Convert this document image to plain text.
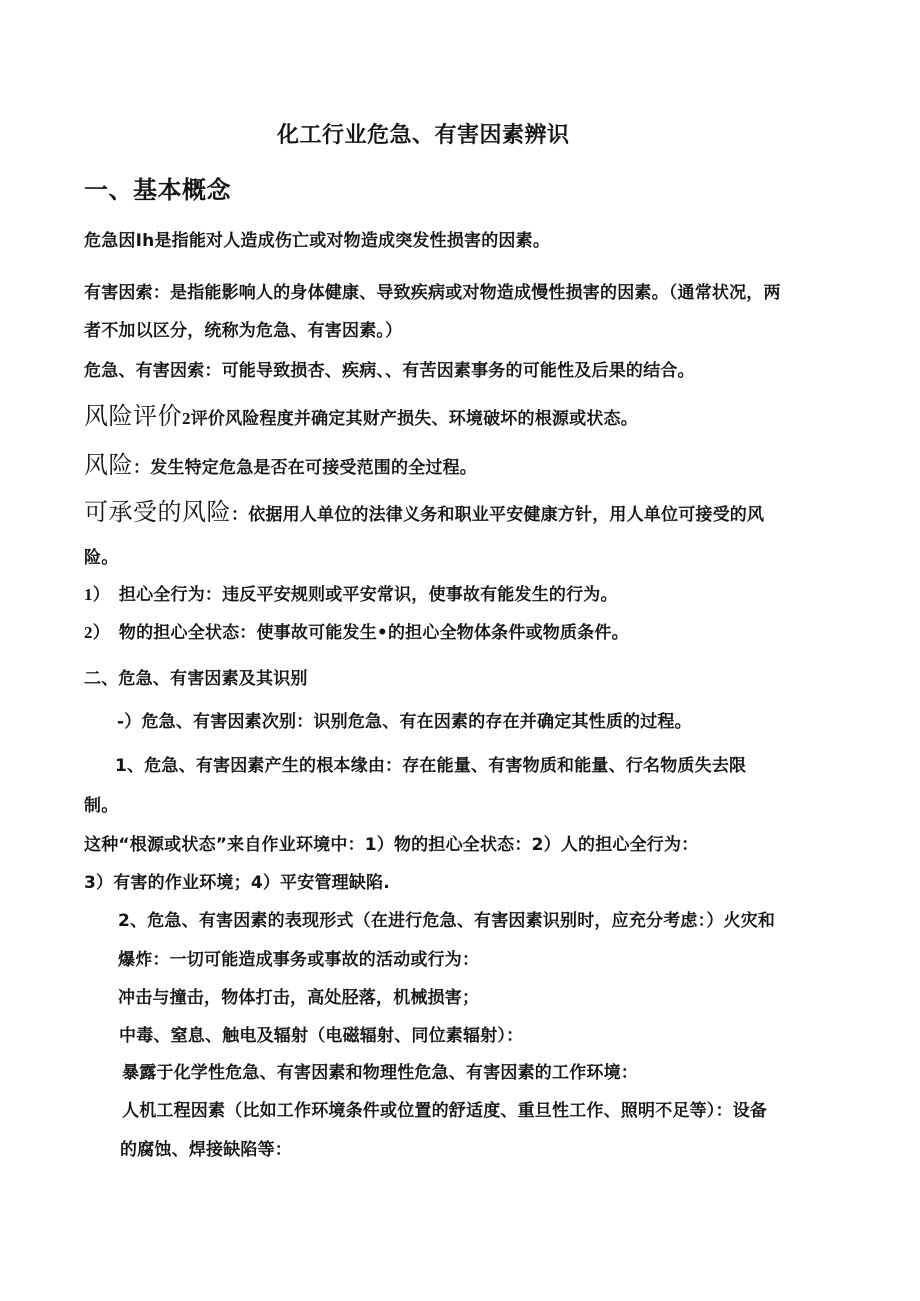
化工行业危急、有害因素辨识
一、基本概念
危急因Ih是指能对人造成伤亡或对物造成突发性损害的因素。
有害因索：是指能影响人的身体健康、导致疾病或对物造成慢性损害的因素。（通常状况，两
者不加以区分，统称为危急、有害因素。）
危急、有害因索：可能导致损杏、疾病、、有苦因素事务的可能性及后果的结合。
风险评价2评价风险程度并确定其财产损失、环境破坏的根源或状态。
风险：发生特定危急是否在可接受范围的全过程。
可承受的风险：依据用人单位的法律义务和职业平安健康方针，用人单位可接受的风
险。
1） 担心全行为：违反平安规则或平安常识，使事故有能发生的行为。
2） 物的担心全状态：使事故可能发生•的担心全物体条件或物质条件。
二、危急、有害因素及其识别
-）危急、有害因素次别：识别危急、有在因素的存在并确定其性质的过程。
1、危急、有害因素产生的根本缘由：存在能量、有害物质和能量、行名物质失去限
制。
这种“根源或状态”来自作业环境中：1）物的担心全状态：2）人的担心全行为：
3）有害的作业环境；4）平安管理缺陷.
2、危急、有害因素的表现形式（在进行危急、有害因素识别时，应充分考虑：）火灾和
爆炸：一切可能造成事务或事故的活动或行为：
冲击与撞击，物体打击，高处胫落，机械损害；
中毒、窒息、触电及辐射（电磁辐射、同位素辐射）：
暴露于化学性危急、有害因素和物理性危急、有害因素的工作环境：
人机工程因素（比如工作环境条件或位置的舒适度、重旦性工作、照明不足等）：设备
的腐蚀、焊接缺陷等：
